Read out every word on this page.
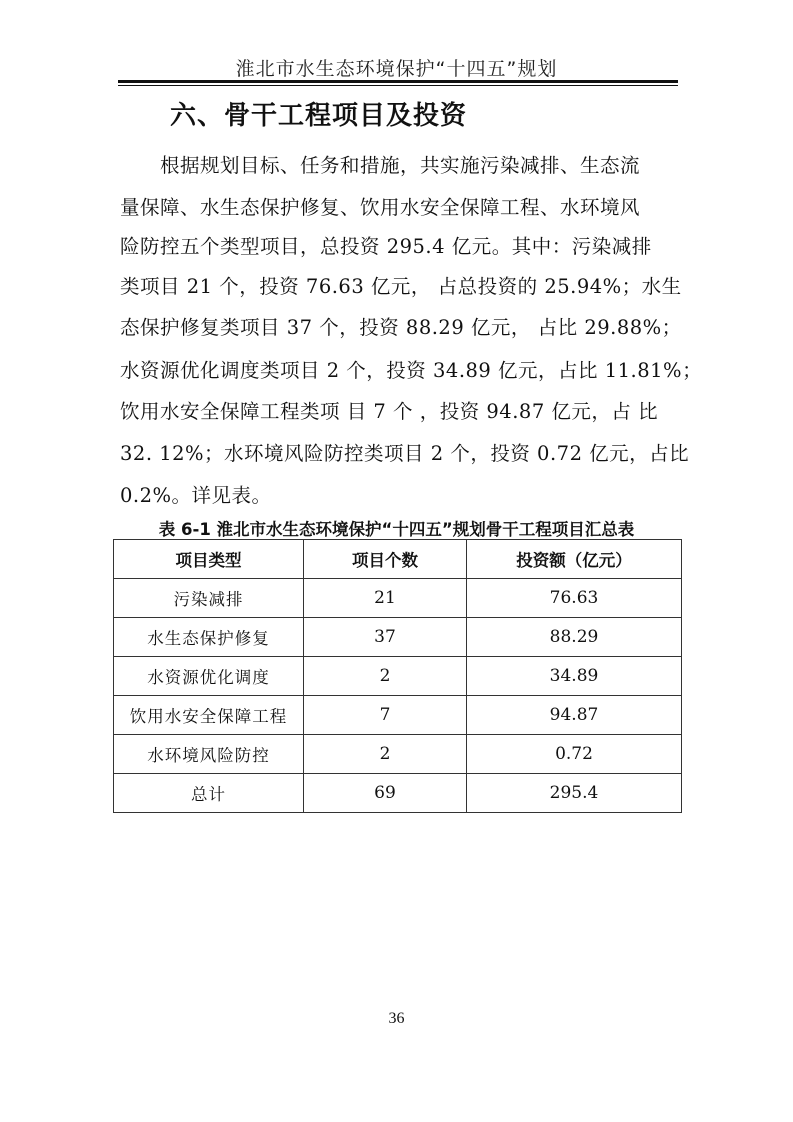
淮北市水生态环境保护“十四五”规划
六、骨干工程项目及投资
根据规划目标、任务和措施，共实施污染减排、生态流
量保障、水生态保护修复、饮用水安全保障工程、水环境风
险防控五个类型项目，总投资 295.4 亿元。其中：污染减排
类项目 21 个，投资 76.63 亿元， 占总投资的 25.94%；水生
态保护修复类项目 37 个，投资 88.29 亿元， 占比 29.88%；
水资源优化调度类项目 2 个，投资 34.89 亿元，占比 11.81%；
饮用水安全保障工程类项 目 7 个 ，投资 94.87 亿元，占 比
32. 12%；水环境风险防控类项目 2 个，投资 0.72 亿元，占比
0.2%。详见表。
表 6-1 淮北市水生态环境保护“十四五”规划骨干工程项目汇总表
项目类型	项目个数	投资额（亿元）
污染减排	21	76.63
水生态保护修复	37	88.29
水资源优化调度	2	34.89
饮用水安全保障工程	7	94.87
水环境风险防控	2	0.72
总计	69	295.4
36
